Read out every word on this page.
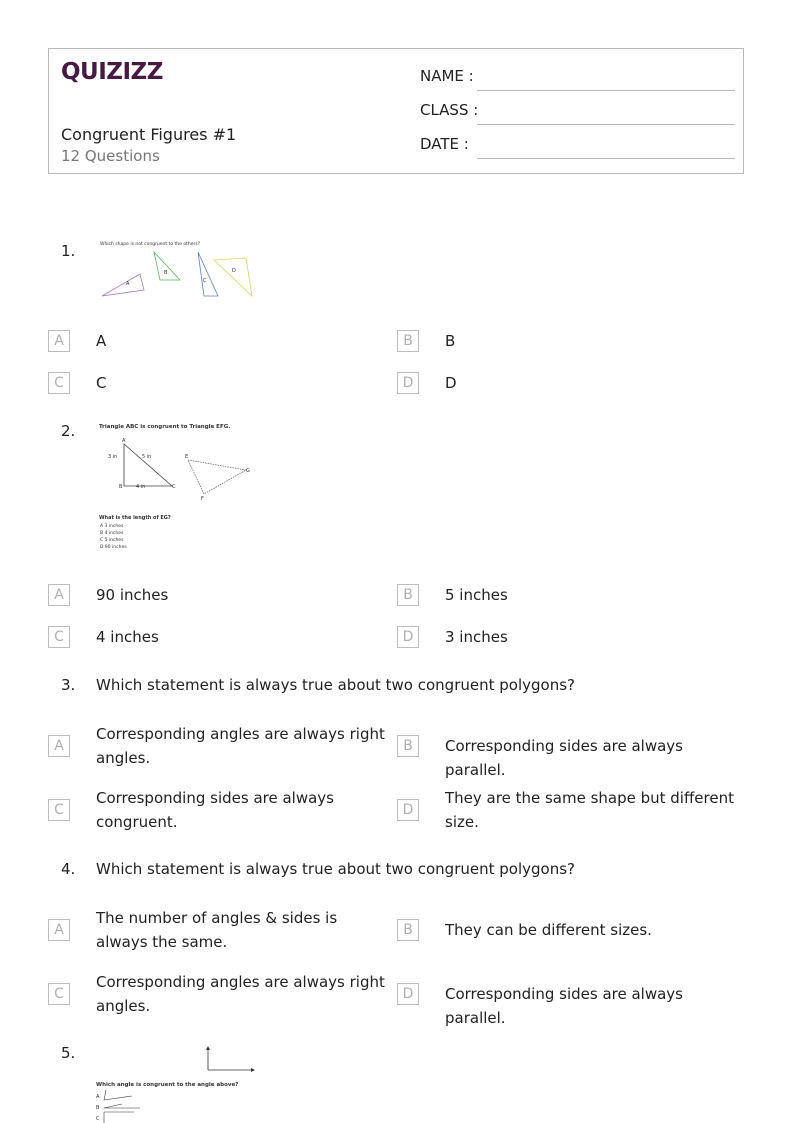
QUIZIZZ
Congruent Figures #1
12 Questions
NAME :
CLASS :
DATE :
1.	Which shape is not congruent to the others?
A
B
C
D
A	A	B	B
C	C	D	D
2.	Triangle ABC is congruent to Triangle EFG.
A
B	C
3 in	5 in
4 in
E
F
G
What is the length of EG?
A 3 inches
B 4 inches
C 5 inches
D 90 inches
A	90 inches	B	5 inches
C	4 inches	D	3 inches
3. Which statement is always true about two congruent polygons?
A
Corresponding angles are always right angles.
B	Corresponding sides are always parallel.
C
Corresponding sides are always congruent.
D
They are the same shape but different size.
4. Which statement is always true about two congruent polygons?
A
The number of angles & sides is always the same.
B	They can be different sizes.
C
Corresponding angles are always right angles.
D	Corresponding sides are always parallel.
5.
Which angle is congruent to the angle above?
A
B
C
